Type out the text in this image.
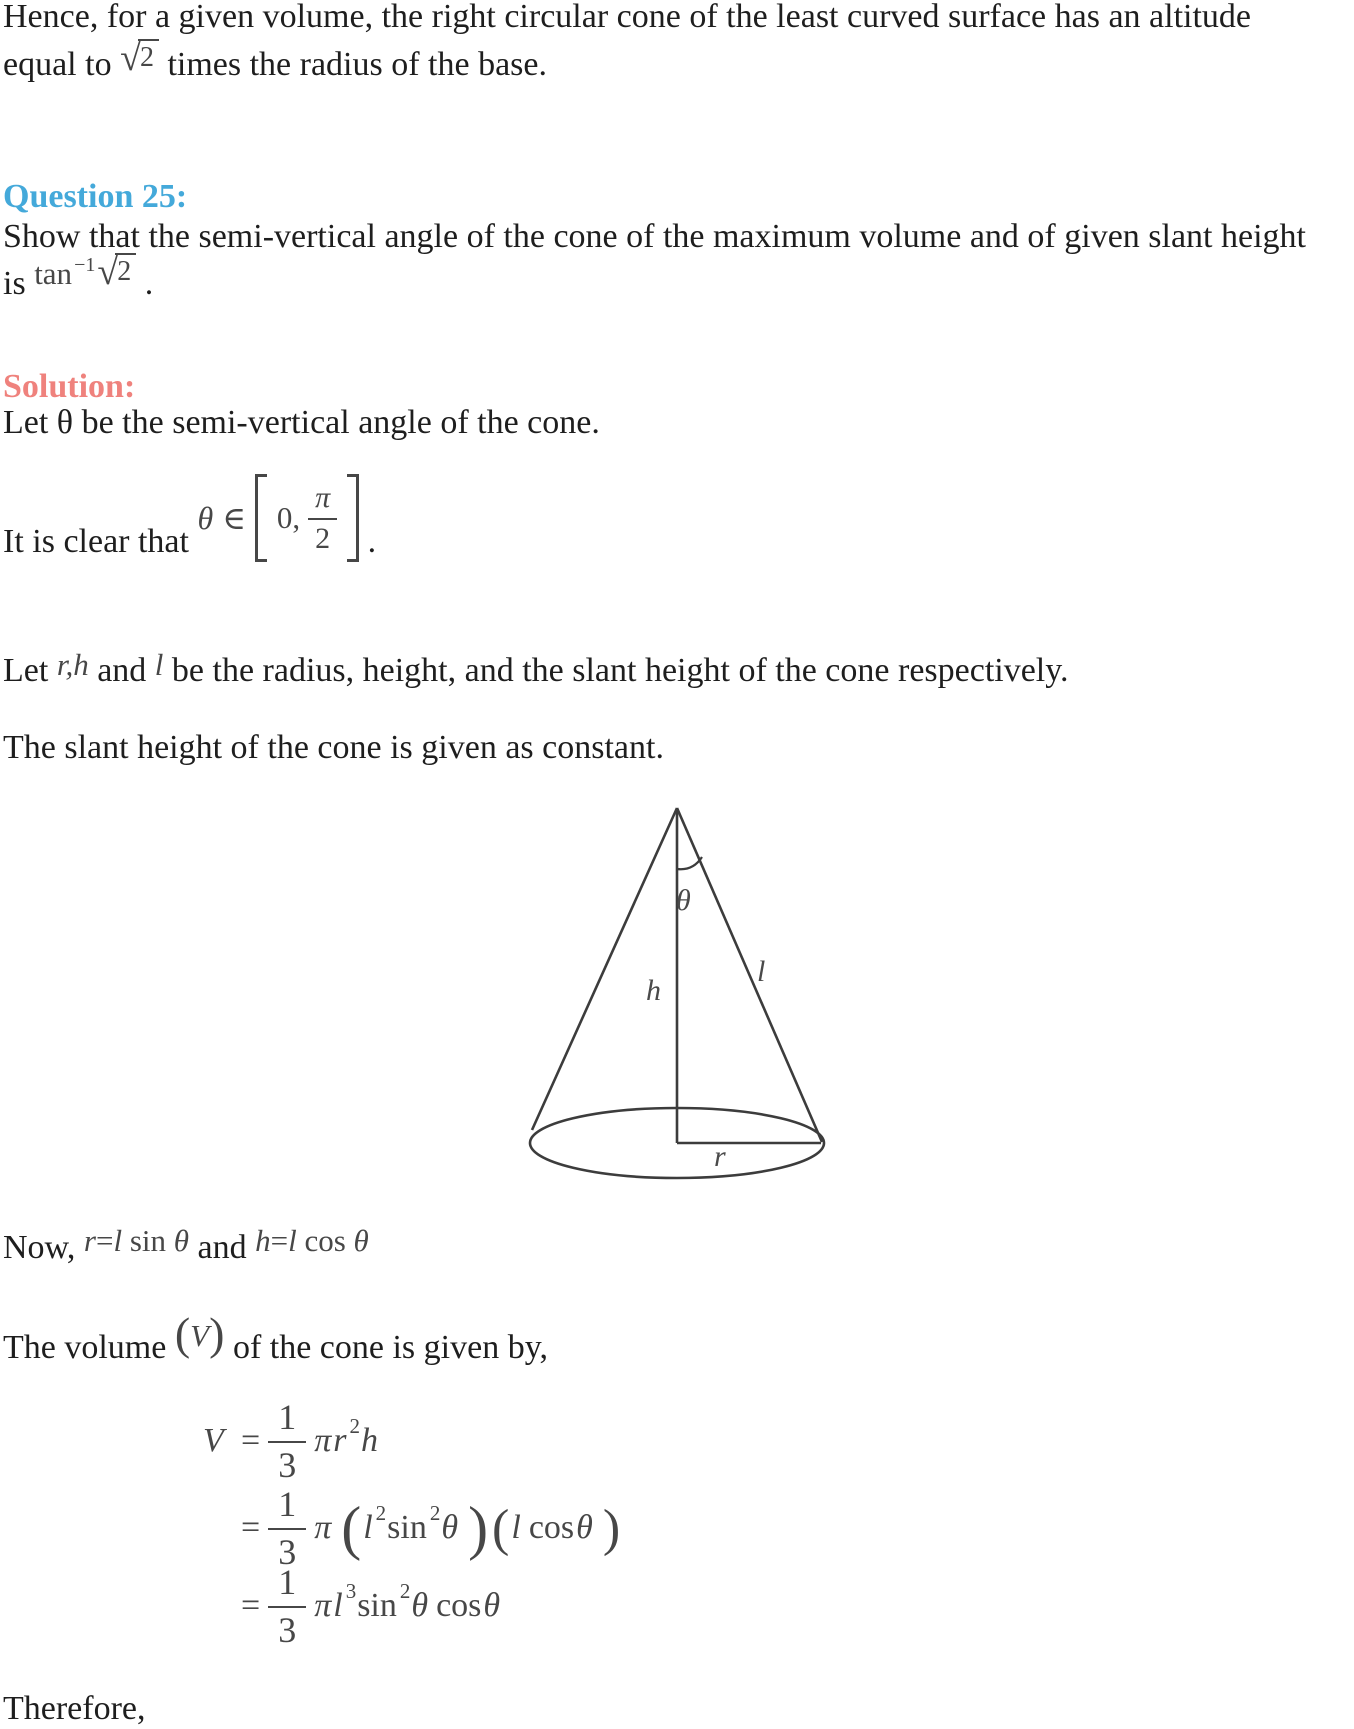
Hence, for a given volume, the right circular cone of the least curved surface has an altitude

equal to √ 2 times the radius of the base.

Question 25:

Show that the semi-vertical angle of the cone of the maximum volume and of given slant height

is tan −1 √ 2 .

Solution:

Let θ be the semi-vertical angle of the cone.

It is clear that
θ ∈ 0, $\frac{\pi}{2}$ .

Let r,h and l be the radius, height, and the slant height of the cone respectively.

The slant height of the cone is given as constant.

θ
h
l
r

Now, r=l sin θ and h=l cos θ

The volume (V) of the cone is given by,

$V = \frac{1}{3}$ π r 2 h
= $\frac{1}{3}$ π ( l 2 sin 2 θ ) ( l cos θ )
= $\frac{1}{3}$ π l 3 sin 2 θ cos θ

Therefore,
